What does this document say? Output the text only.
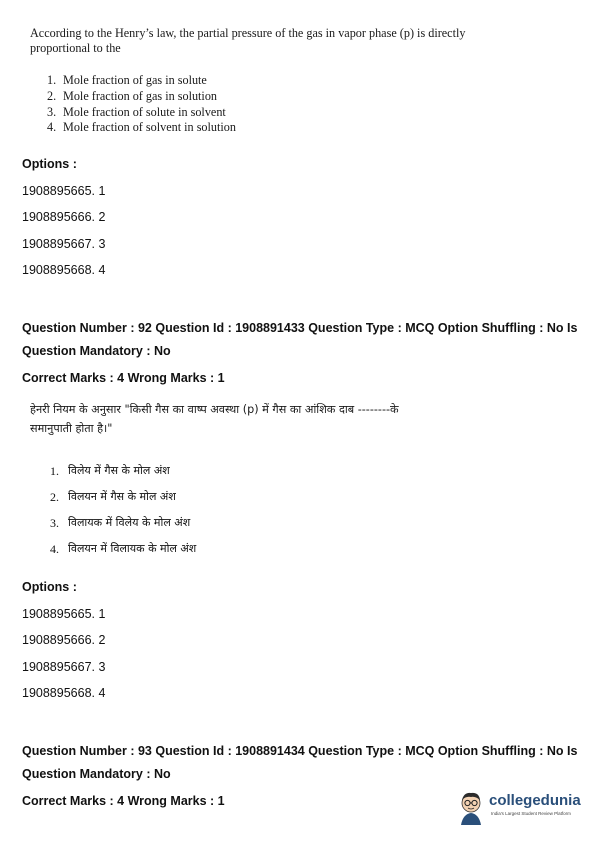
According to the Henry’s law, the partial pressure of the gas in vapor phase (p) is directly
proportional to the
1. Mole fraction of gas in solute
2. Mole fraction of gas in solution
3. Mole fraction of solute in solvent
4. Mole fraction of solvent in solution
Options :
1908895665. 1
1908895666. 2
1908895667. 3
1908895668. 4
Question Number : 92 Question Id : 1908891433 Question Type : MCQ Option Shuffling : No Is
Question Mandatory : No
Correct Marks : 4 Wrong Marks : 1
हेनरी नियम के अनुसार "किसी गैस का वाष्प अवस्था (p) में गैस का आंशिक दाब --------के
समानुपाती होता है।"
1. विलेय में गैस के मोल अंश
2. विलयन में गैस के मोल अंश
3. विलायक में विलेय के मोल अंश
4. विलयन में विलायक के मोल अंश
Options :
1908895665. 1
1908895666. 2
1908895667. 3
1908895668. 4
Question Number : 93 Question Id : 1908891434 Question Type : MCQ Option Shuffling : No Is
Question Mandatory : No
Correct Marks : 4 Wrong Marks : 1	collegedunia
India's Largest Student Review Platform
